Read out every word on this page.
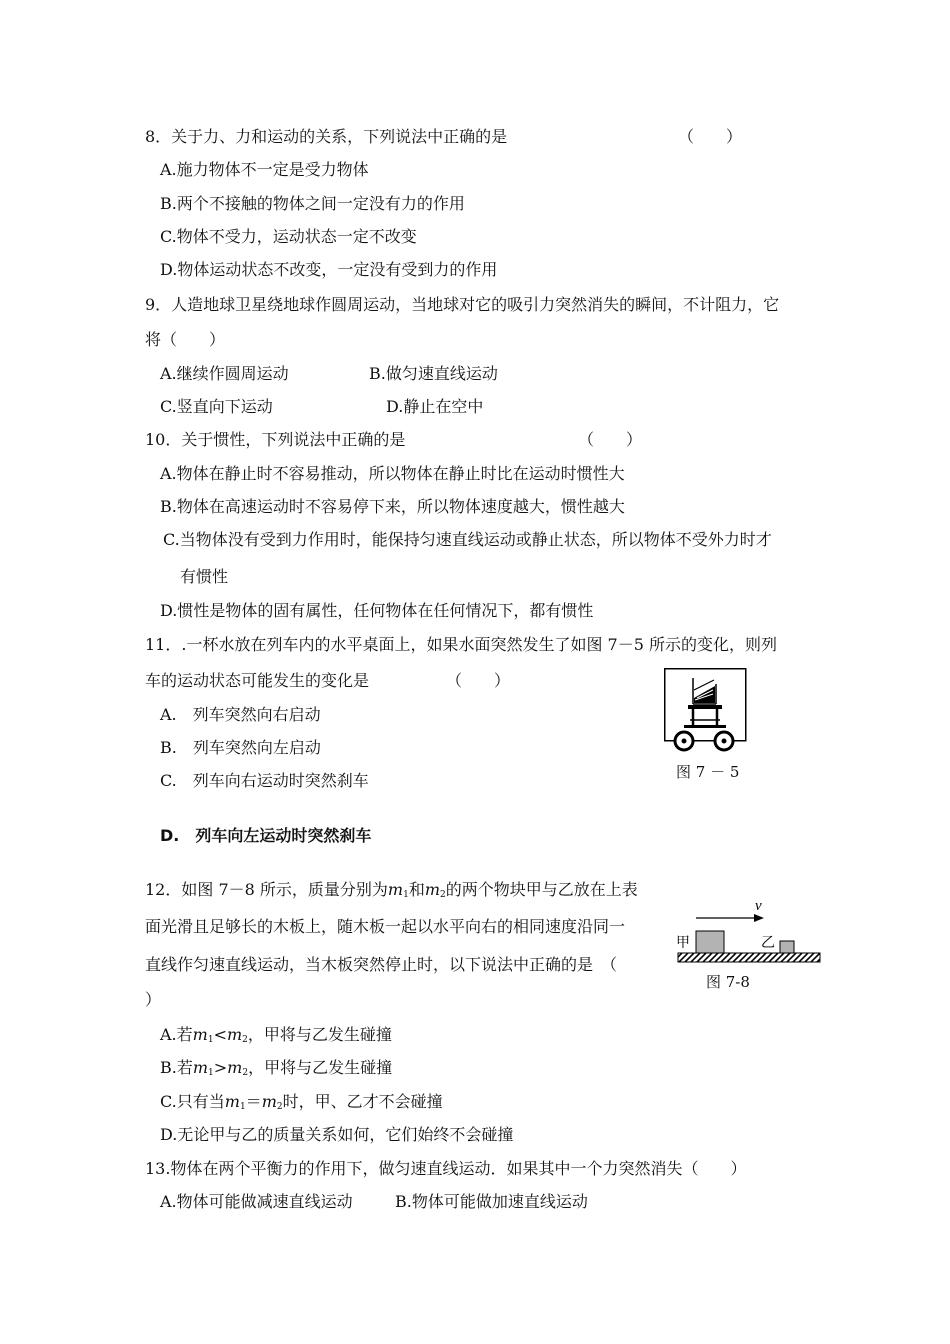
8．关于力、力和运动的关系，下列说法中正确的是	（　　）
A.施力物体不一定是受力物体
B.两个不接触的物体之间一定没有力的作用
C.物体不受力，运动状态一定不改变
D.物体运动状态不改变，一定没有受到力的作用
9．人造地球卫星绕地球作圆周运动，当地球对它的吸引力突然消失的瞬间，不计阻力，它
将（　　）
A.继续作圆周运动	B.做匀速直线运动
C.竖直向下运动	D.静止在空中
10．关于惯性，下列说法中正确的是	（　　）
A.物体在静止时不容易推动，所以物体在静止时比在运动时惯性大
B.物体在高速运动时不容易停下来，所以物体速度越大，惯性越大
C.当物体没有受到力作用时，能保持匀速直线运动或静止状态，所以物体不受外力时才
有惯性
D.惯性是物体的固有属性，任何物体在任何情况下，都有惯性
11．.一杯水放在列车内的水平桌面上，如果水面突然发生了如图 7－5 所示的变化，则列
车的运动状态可能发生的变化是	（　　）
A.　列车突然向右启动
B.　列车突然向左启动
C.　列车向右运动时突然刹车
D.　列车向左运动时突然刹车
图 7 － 5
12．如图 7－8 所示，质量分别为$m_1$和$m_2$的两个物块甲与乙放在上表
面光滑且足够长的木板上，随木板一起以水平向右的相同速度沿同一
直线作匀速直线运动，当木板突然停止时，以下说法中正确的是　（
）
A.若$m_1<m_2$，甲将与乙发生碰撞
B.若$m_1>m_2$，甲将与乙发生碰撞
C.只有当$m_1=m_2$时，甲、乙才不会碰撞
D.无论甲与乙的质量关系如何，它们始终不会碰撞
v
甲	乙
图 7-8
13.物体在两个平衡力的作用下，做匀速直线运动．如果其中一个力突然消失（　　）
A.物体可能做减速直线运动	B.物体可能做加速直线运动
